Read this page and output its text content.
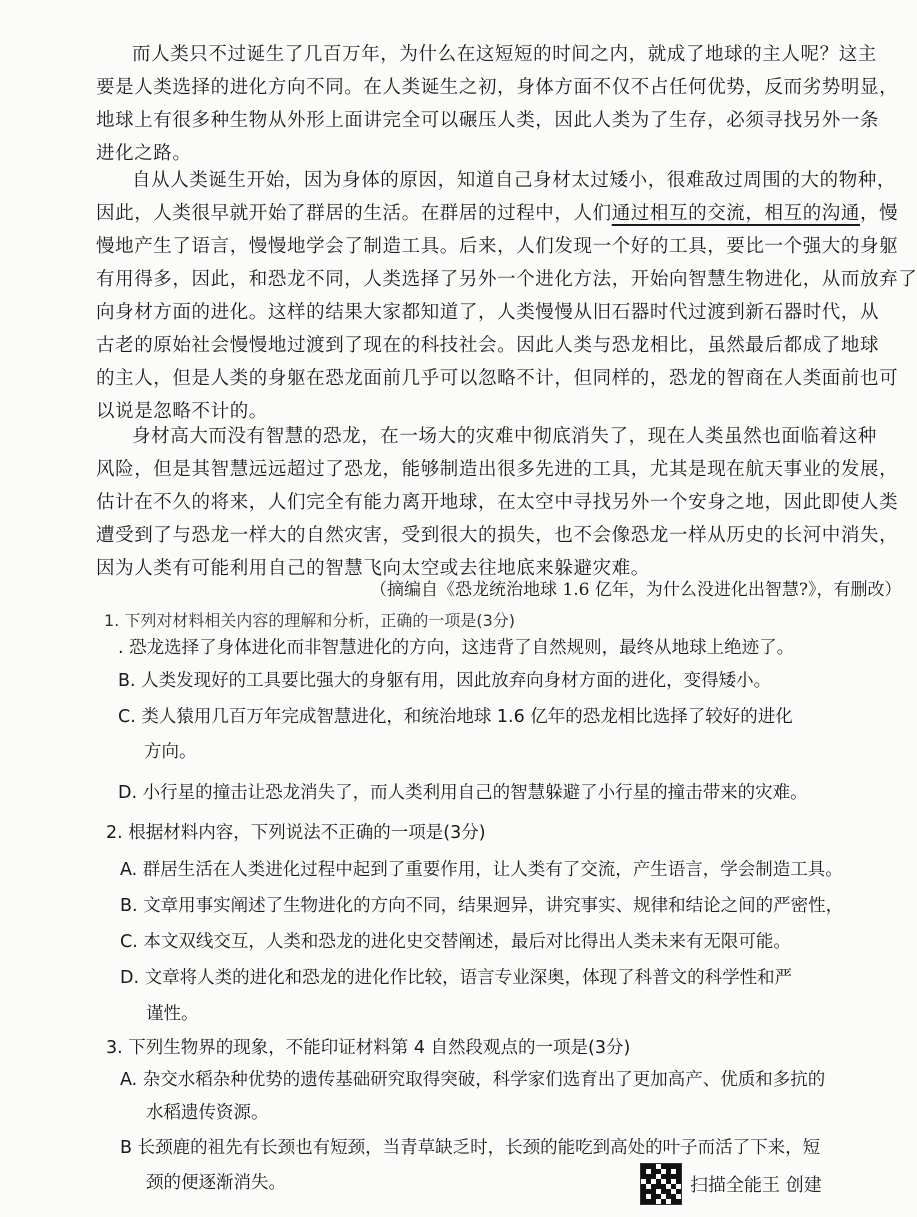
而人类只不过诞生了几百万年，为什么在这短短的时间之内，就成了地球的主人呢？这主
要是人类选择的进化方向不同。在人类诞生之初，身体方面不仅不占任何优势，反而劣势明显，
地球上有很多种生物从外形上面讲完全可以碾压人类，因此人类为了生存，必须寻找另外一条
进化之路。
自从人类诞生开始，因为身体的原因，知道自己身材太过矮小，很难敌过周围的大的物种，
因此，人类很早就开始了群居的生活。在群居的过程中，人们通过相互的交流，相互的沟通，慢
慢地产生了语言，慢慢地学会了制造工具。后来，人们发现一个好的工具，要比一个强大的身躯
有用得多，因此，和恐龙不同，人类选择了另外一个进化方法，开始向智慧生物进化，从而放弃了
向身材方面的进化。这样的结果大家都知道了，人类慢慢从旧石器时代过渡到新石器时代，从
古老的原始社会慢慢地过渡到了现在的科技社会。因此人类与恐龙相比，虽然最后都成了地球
的主人，但是人类的身躯在恐龙面前几乎可以忽略不计，但同样的，恐龙的智商在人类面前也可
以说是忽略不计的。
身材高大而没有智慧的恐龙，在一场大的灾难中彻底消失了，现在人类虽然也面临着这种
风险，但是其智慧远远超过了恐龙，能够制造出很多先进的工具，尤其是现在航天事业的发展，
估计在不久的将来，人们完全有能力离开地球，在太空中寻找另外一个安身之地，因此即使人类
遭受到了与恐龙一样大的自然灾害，受到很大的损失，也不会像恐龙一样从历史的长河中消失，
因为人类有可能利用自己的智慧飞向太空或去往地底来躲避灾难。
（摘编自《恐龙统治地球 1.6 亿年，为什么没进化出智慧?》，有删改）
1. 下列对材料相关内容的理解和分析，正确的一项是(3分)
. 恐龙选择了身体进化而非智慧进化的方向，这违背了自然规则，最终从地球上绝迹了。
B. 人类发现好的工具要比强大的身躯有用，因此放弃向身材方面的进化，变得矮小。
C. 类人猿用几百万年完成智慧进化，和统治地球 1.6 亿年的恐龙相比选择了较好的进化
方向。
D. 小行星的撞击让恐龙消失了，而人类利用自己的智慧躲避了小行星的撞击带来的灾难。
2. 根据材料内容，下列说法不正确的一项是(3分)
A. 群居生活在人类进化过程中起到了重要作用，让人类有了交流，产生语言，学会制造工具。
B. 文章用事实阐述了生物进化的方向不同，结果迥异，讲究事实、规律和结论之间的严密性，
C. 本文双线交互，人类和恐龙的进化史交替阐述，最后对比得出人类未来有无限可能。
D. 文章将人类的进化和恐龙的进化作比较，语言专业深奥，体现了科普文的科学性和严
谨性。
3. 下列生物界的现象，不能印证材料第 4 自然段观点的一项是(3分)
A. 杂交水稻杂种优势的遗传基础研究取得突破，科学家们选育出了更加高产、优质和多抗的
水稻遗传资源。
B 长颈鹿的祖先有长颈也有短颈，当青草缺乏时，长颈的能吃到高处的叶子而活了下来，短
颈的便逐渐消失。	扫描全能王 创建
